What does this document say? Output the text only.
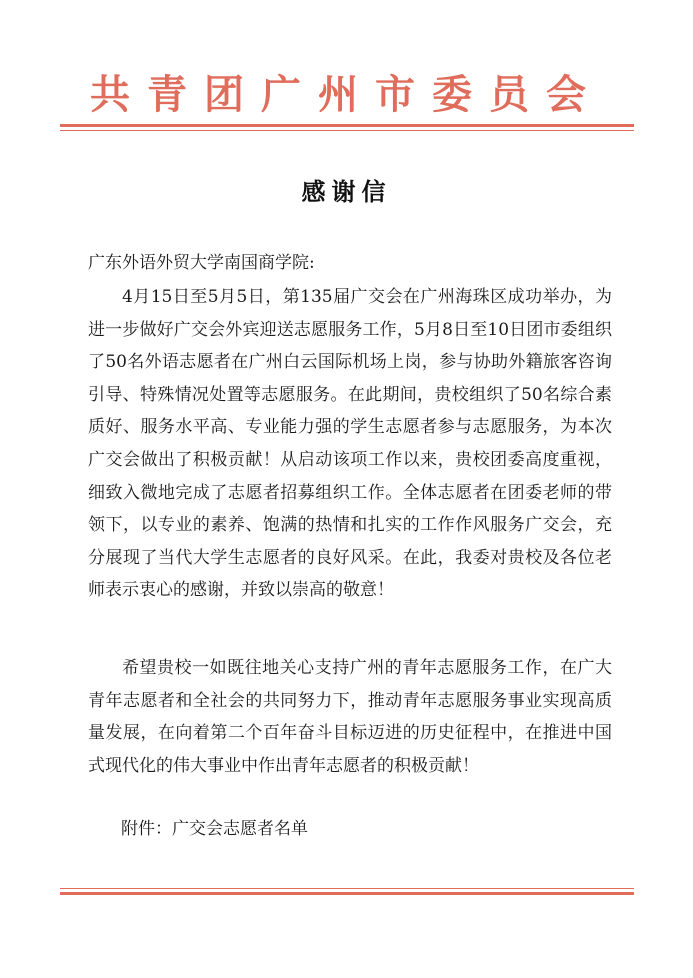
共青团广州市委员会
感谢信
广东外语外贸大学南国商学院:

4月15日至5月5日，第135届广交会在广州海珠区成功举办，为进一步做好广交会外宾迎送志愿服务工作，5月8日至10日团市委组织了50名外语志愿者在广州白云国际机场上岗，参与协助外籍旅客咨询引导、特殊情况处置等志愿服务。在此期间，贵校组织了50名综合素质好、服务水平高、专业能力强的学生志愿者参与志愿服务，为本次广交会做出了积极贡献！从启动该项工作以来，贵校团委高度重视，细致入微地完成了志愿者招募组织工作。全体志愿者在团委老师的带领下，以专业的素养、饱满的热情和扎实的工作作风服务广交会，充分展现了当代大学生志愿者的良好风采。在此，我委对贵校及各位老师表示衷心的感谢，并致以崇高的敬意！

希望贵校一如既往地关心支持广州的青年志愿服务工作，在广大青年志愿者和全社会的共同努力下，推动青年志愿服务事业实现高质量发展，在向着第二个百年奋斗目标迈进的历史征程中，在推进中国式现代化的伟大事业中作出青年志愿者的积极贡献！

附件：广交会志愿者名单
